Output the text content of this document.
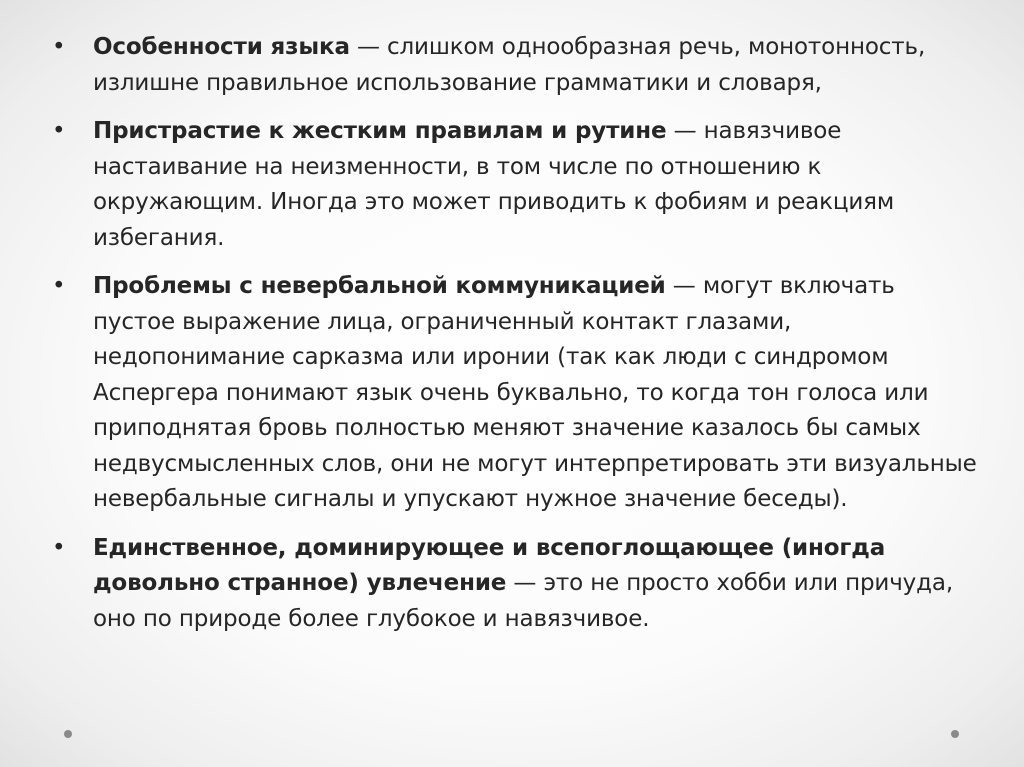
• Особенности языка — слишком однообразная речь, монотонность, излишне правильное использование грамматики и словаря,
• Пристрастие к жестким правилам и рутине — навязчивое настаивание на неизменности, в том числе по отношению к окружающим. Иногда это может приводить к фобиям и реакциям избегания.
• Проблемы с невербальной коммуникацией — могут включать пустое выражение лица, ограниченный контакт глазами, недопонимание сарказма или иронии (так как люди с синдромом Аспергера понимают язык очень буквально, то когда тон голоса или приподнятая бровь полностью меняют значение казалось бы самых недвусмысленных слов, они не могут интерпретировать эти визуальные невербальные сигналы и упускают нужное значение беседы).
• Единственное, доминирующее и всепоглощающее (иногда довольно странное) увлечение — это не просто хобби или причуда, оно по природе более глубокое и навязчивое.
